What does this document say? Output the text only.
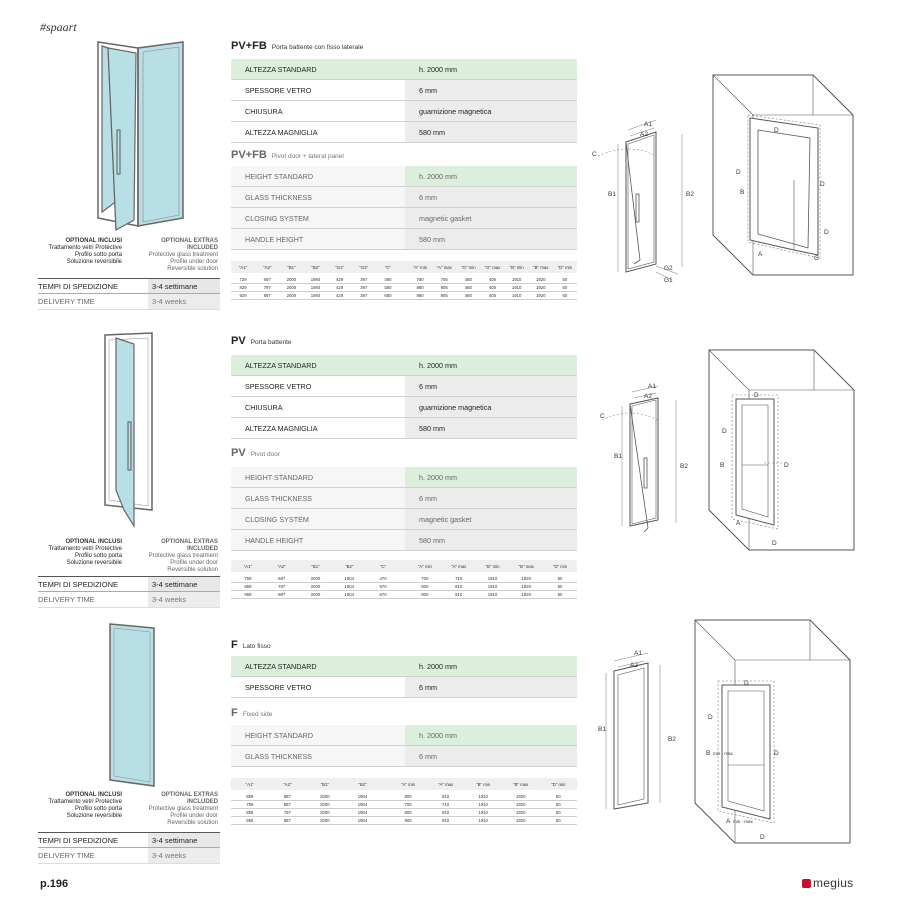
#spaart
p.196	megius
OPTIONAL INCLUSI
Trattamento vetri Protective
Profilo sotto porta
Soluzione reversibile
OPTIONAL EXTRAS INCLUDED
Protective glass treatment
Profile under door
Reversible solution
TEMPI DI SPEDIZIONE	3-4 settimane
DELIVERY TIME	3-4 weeks
PV+FB Porta battente con fisso laterale
ALTEZZA STANDARD	h. 2000 mm
SPESSORE VETRO	6 mm
CHIUSURA	guarnizione magnetica
ALTEZZA MAGNIGLIA	580 mm
PV+FB Pivot door + lateral panel
HEIGHT STANDARD	h. 2000 mm
GLASS THICKNESS	6 mm
CLOSING SYSTEM	magnetic gasket
HANDLE HEIGHT	580 mm
"A1"	"A2"	"B1"	"B2"	"G1"	"G2"	"C"	"A" min	"A" max	"G" min	"G" max	"B" min	"B" max	"D" min
729	697	2000	1984	429	397	480	780	705	480	405	1910	1920	60
829	797	2000	1984	429	397	580	880	905	480	405	1910	1920	60
929	897	2000	1984	429	397	680	980	905	480	405	1910	1920	60
A1
A2
C
B1	B2
G2
G1
D
D
D
D
B
A
G
OPTIONAL INCLUSI
Trattamento vetri Protective
Profilo sotto porta
Soluzione reversibile
OPTIONAL EXTRAS INCLUDED
Protective glass treatment
Profile under door
Reversible solution
TEMPI DI SPEDIZIONE	3-4 settimane
DELIVERY TIME	3-4 weeks
PV Porta battente
ALTEZZA STANDARD	h. 2000 mm
SPESSORE VETRO	6 mm
CHIUSURA	guarnizione magnetica
ALTEZZA MAGNIGLIA	580 mm
PV Pivot door
HEIGHT STANDARD	h. 2000 mm
GLASS THICKNESS	6 mm
CLOSING SYSTEM	magnetic gasket
HANDLE HEIGHT	580 mm
"A1"	"A2"	"B1"	"B2"	"C"	"A" min	"A" max	"B" min	"B" max	"D" min
759	687	2000	1904	470	700	710	1910	1920	60
859	787	2000	1904	570	800	810	1910	1920	60
959	887	2000	1904	670	900	910	1910	1920	60
A1
A2
C
B1
B2
D
D
D
D
B
A
OPTIONAL INCLUSI
Trattamento vetri Protective
Profilo sotto porta
Soluzione reversibile
OPTIONAL EXTRAS INCLUDED
Protective glass treatment
Profile under door
Reversible solution
TEMPI DI SPEDIZIONE	3-4 settimane
DELIVERY TIME	3-4 weeks
F Lato fisso
ALTEZZA STANDARD	h. 2000 mm
SPESSORE VETRO	6 mm
F Fixed side
HEIGHT STANDARD	h. 2000 mm
GLASS THICKNESS	6 mm
"A1"	"A2"	"B1"	"B2"	"A" min	"A" max	"B" min	"B" max	"D" min
859	887	2000	1904	800	810	1910	1920	60
759	687	2000	1904	700	710	1910	1920	60
855	797	2000	1904	800	810	1910	1920	60
955	887	2000	1904	900	910	1910	1920	60
A1
A2
B1
B2
D
D
D
D
B min - max
A min - max
